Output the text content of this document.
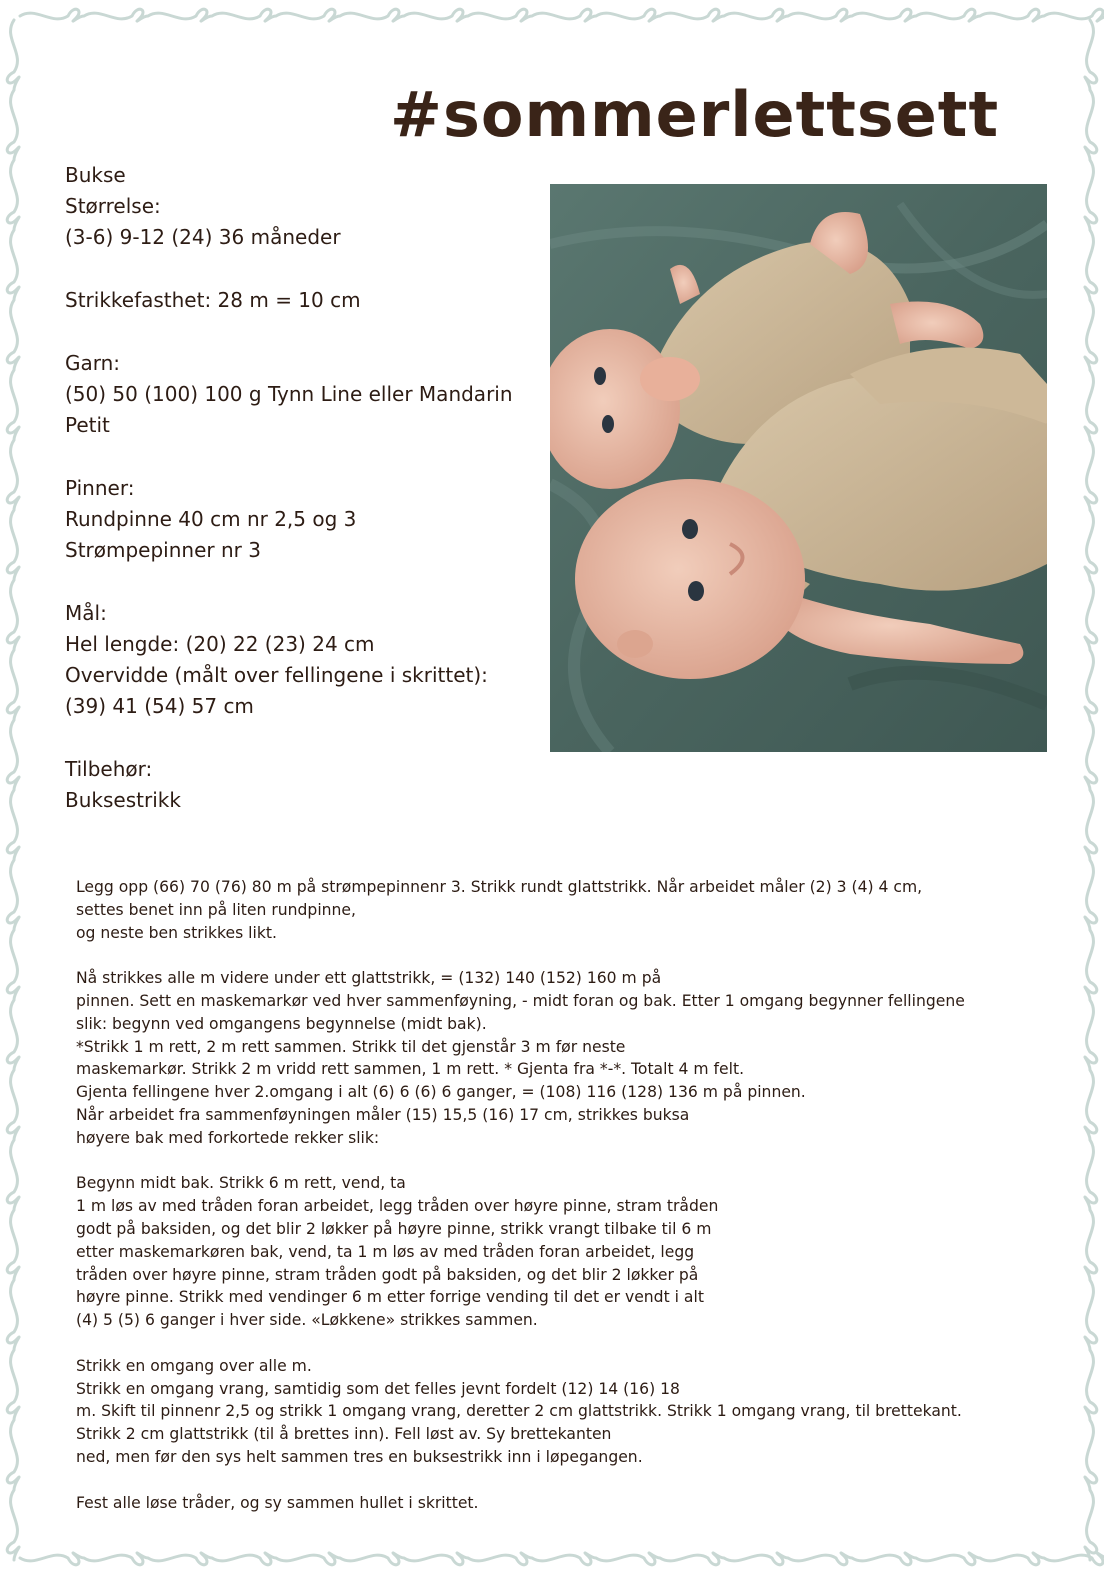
#sommerlettsett
Bukse
Størrelse:
(3-6) 9-12 (24) 36 måneder
Strikkefasthet: 28 m = 10 cm
Garn:
(50) 50 (100) 100 g Tynn Line eller Mandarin
Petit
Pinner:
Rundpinne 40 cm nr 2,5 og 3
Strømpepinner nr 3
Mål:
Hel lengde: (20) 22 (23) 24 cm
Overvidde (målt over fellingene i skrittet):
(39) 41 (54) 57 cm
Tilbehør:
Buksestrikk
Legg opp (66) 70 (76) 80 m på strømpepinnenr 3. Strikk rundt glattstrikk. Når arbeidet måler (2) 3 (4) 4 cm,
settes benet inn på liten rundpinne,
og neste ben strikkes likt.
Nå strikkes alle m videre under ett glattstrikk, = (132) 140 (152) 160 m på
pinnen. Sett en maskemarkør ved hver sammenføyning, - midt foran og bak. Etter 1 omgang begynner fellingene
slik: begynn ved omgangens begynnelse (midt bak).
*Strikk 1 m rett, 2 m rett sammen. Strikk til det gjenstår 3 m før neste
maskemarkør. Strikk 2 m vridd rett sammen, 1 m rett. * Gjenta fra *-*. Totalt 4 m felt.
Gjenta fellingene hver 2.omgang i alt (6) 6 (6) 6 ganger, = (108) 116 (128) 136 m på pinnen.
Når arbeidet fra sammenføyningen måler (15) 15,5 (16) 17 cm, strikkes buksa
høyere bak med forkortede rekker slik:
Begynn midt bak. Strikk 6 m rett, vend, ta
1 m løs av med tråden foran arbeidet, legg tråden over høyre pinne, stram tråden
godt på baksiden, og det blir 2 løkker på høyre pinne, strikk vrangt tilbake til 6 m
etter maskemarkøren bak, vend, ta 1 m løs av med tråden foran arbeidet, legg
tråden over høyre pinne, stram tråden godt på baksiden, og det blir 2 løkker på
høyre pinne. Strikk med vendinger 6 m etter forrige vending til det er vendt i alt
(4) 5 (5) 6 ganger i hver side. «Løkkene» strikkes sammen.
Strikk en omgang over alle m.
Strikk en omgang vrang, samtidig som det felles jevnt fordelt (12) 14 (16) 18
m. Skift til pinnenr 2,5 og strikk 1 omgang vrang, deretter 2 cm glattstrikk. Strikk 1 omgang vrang, til brettekant.
Strikk 2 cm glattstrikk (til å brettes inn). Fell løst av. Sy brettekanten
ned, men før den sys helt sammen tres en buksestrikk inn i løpegangen.
Fest alle løse tråder, og sy sammen hullet i skrittet.
